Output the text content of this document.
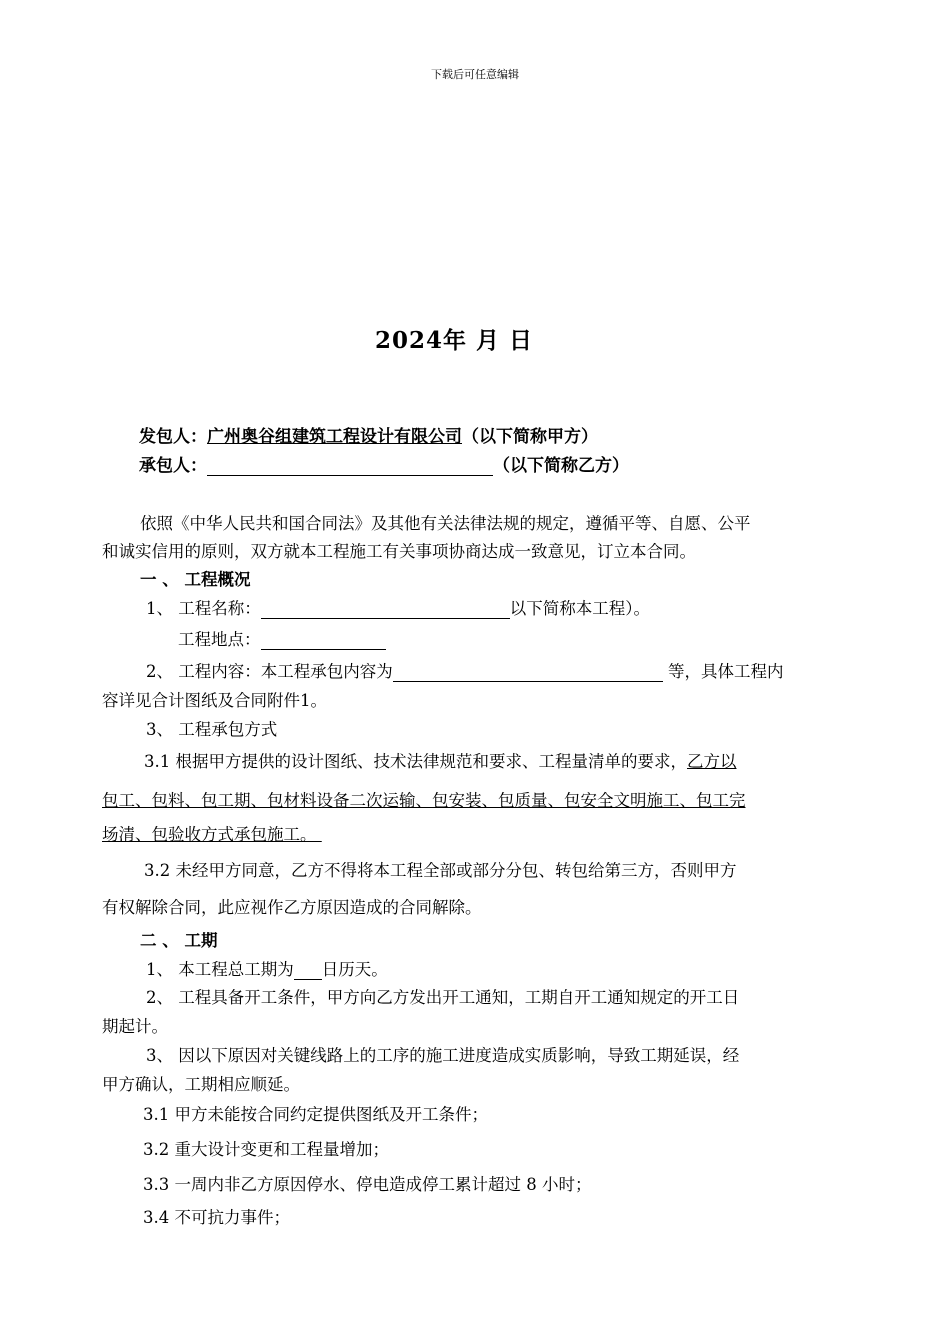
下载后可任意编辑
2024年 月 日
发包人：广州奥谷组建筑工程设计有限公司（以下简称甲方）
承包人：	（以下简称乙方）
依照《中华人民共和国合同法》及其他有关法律法规的规定，遵循平等、自愿、公平
和诚实信用的原则，双方就本工程施工有关事项协商达成一致意见，订立本合同。
一 、 工程概况
1、 工程名称：	以下简称本工程）。
工程地点：
2、 工程内容：本工程承包内容为	等，具体工程内
容详见合计图纸及合同附件1。
3、 工程承包方式
3.1 根据甲方提供的设计图纸、技术法律规范和要求、工程量清单的要求，乙方以
包工、包料、包工期、包材料设备二次运输、包安装、包质量、包安全文明施工、包工完
场清、包验收方式承包施工。
3.2 未经甲方同意，乙方不得将本工程全部或部分分包、转包给第三方，否则甲方
有权解除合同，此应视作乙方原因造成的合同解除。
二 、 工期
1、 本工程总工期为 日历天。
2、 工程具备开工条件，甲方向乙方发出开工通知，工期自开工通知规定的开工日
期起计。
3、 因以下原因对关键线路上的工序的施工进度造成实质影响，导致工期延误，经
甲方确认，工期相应顺延。
3.1 甲方未能按合同约定提供图纸及开工条件；
3.2 重大设计变更和工程量增加；
3.3 一周内非乙方原因停水、停电造成停工累计超过 8 小时；
3.4 不可抗力事件；
